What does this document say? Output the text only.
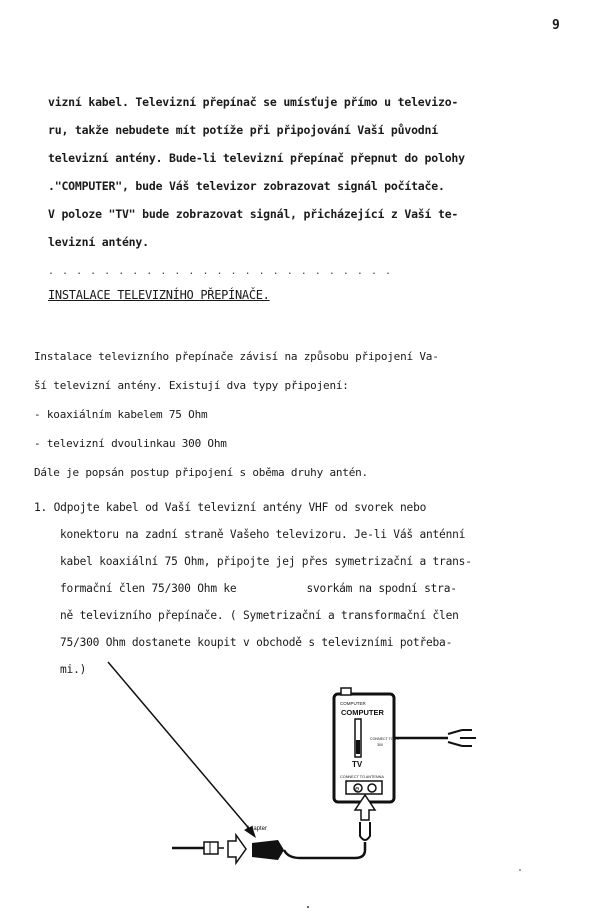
9
vizní kabel. Televizní přepínač se umísťuje přímo u televizo-
ru, takže nebudete mít potíže při připojování Vaší původní
televizní antény. Bude-li televizní přepínač přepnut do polohy
."COMPUTER", bude Váš televizor zobrazovat signál počítače.
V poloze "TV" bude zobrazovat signál, přicházející z Vaší te-
levizní antény.
. . . . . . . . . . . . . . . . . . . . . . . . .
INSTALACE TELEVIZNÍHO PŘEPÍNAČE.
Instalace televizního přepínače závisí na způsobu připojení Va-
ší televizní antény. Existují dva typy připojení:
- koaxiálním kabelem 75 Ohm
- televizní dvoulinkau 300 Ohm
Dále je popsán postup připojení s oběma druhy antén.
1. Odpojte kabel od Vaší televizní antény VHF od svorek nebo
konektoru na zadní straně Vašeho televizoru. Je-li Váš anténní
kabel koaxiální 75 Ohm, připojte jej přes symetrizační a trans-
formační člen 75/300 Ohm ke	svorkám na spodní stra-
ně televizního přepínače. ( Symetrizační a transformační člen
75/300 Ohm dostanete koupit v obchodě s televizními potřeba-
mi.)
COMPUTER
COMPUTER
TV
CONNECT TO TV
300
CONNECT TO ANTENNA
⊖
Adapter
